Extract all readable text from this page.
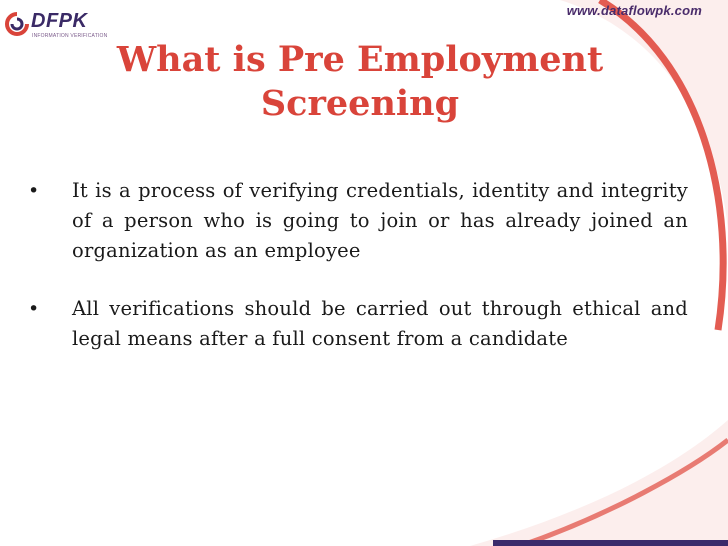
www.dataflowpk.com
DFPK
INFORMATION VERIFICATION
What is Pre Employment Screening
• It is a process of verifying credentials, identity and integrity of a person who is going to join or has already joined an organization as an employee
• All verifications should be carried out through ethical and legal means after a full consent from a candidate
